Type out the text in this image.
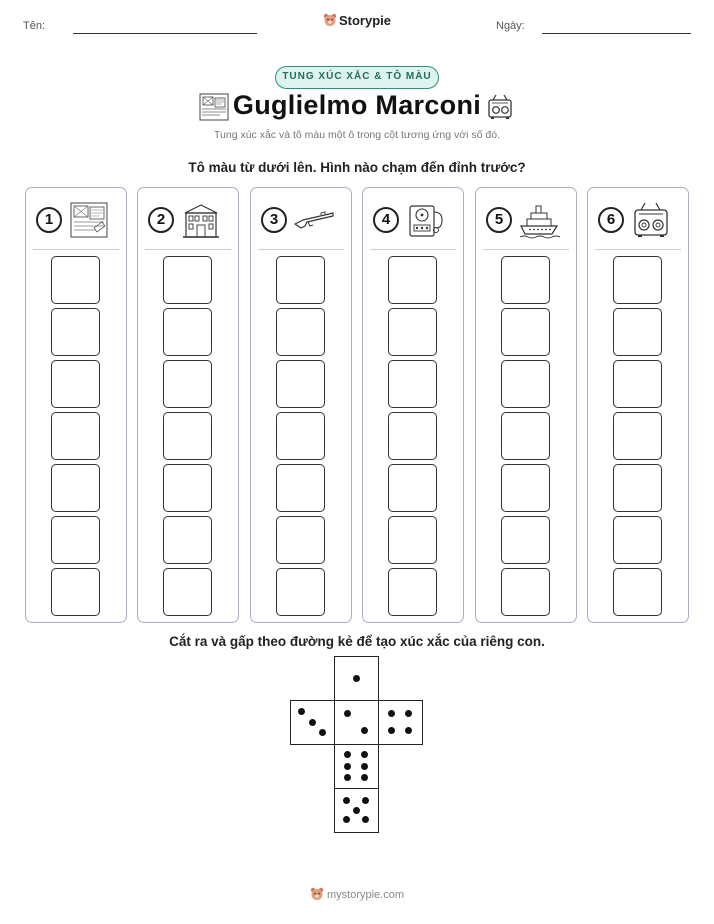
Tên:	Storypie	Ngày:
TUNG XÚC XẮC & TÔ MÀU
Guglielmo Marconi
Tung xúc xắc và tô màu một ô trong cột tương ứng với số đó.
Tô màu từ dưới lên. Hình nào chạm đến đỉnh trước?
1	2	3	4	5	6
Cắt ra và gấp theo đường kẻ để tạo xúc xắc của riêng con.
mystorypie.com
